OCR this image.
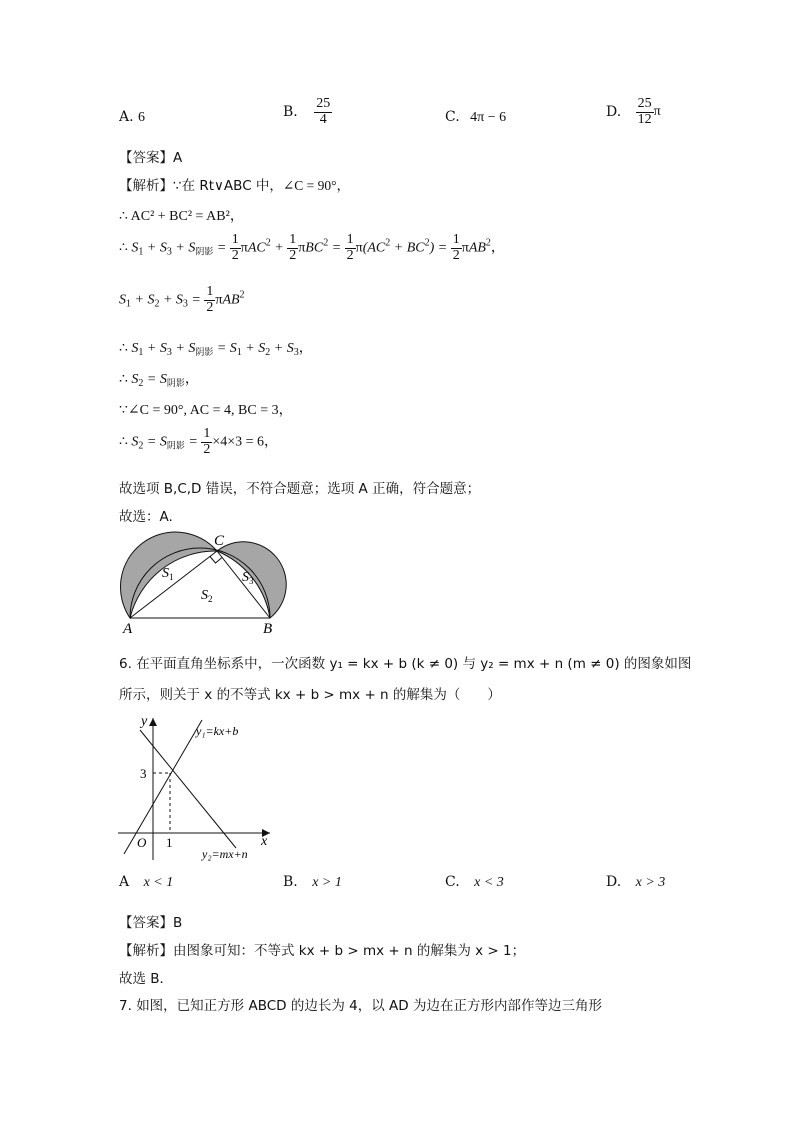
A. 6	B. $\frac{25}{4}$	C. 4π − 6	D. $\frac{25}{12}$ π
【答案】A
【解析】∵在 Rt∨ABC 中，∠C = 90°，
∴ AC² + BC² = AB²，
∴ $S_1 + S_3 + S_{阴影} = \frac{1}{2} \pi AC^2 + \frac{1}{2} \pi BC^2 = \frac{1}{2} \pi(AC^2 + BC^2) = \frac{1}{2} \pi AB^2$，
$S_1 + S_2 + S_3 = \frac{1}{2} \pi AB^2$
∴ $S_1 + S_3 + S_{阴影} = S_1 + S_2 + S_3$，
∴ $S_2 = S_{阴影}$，
∵∠C = 90°, AC = 4, BC = 3，
∴ $S_2 = S_{阴影} = \frac{1}{2} \times 4\times 3 = 6$，
故选项 B,C,D 错误，不符合题意；选项 A 正确，符合题意；
故选：A.
C
A	B
$S_1$
$S_2$
$S_3$
6. 在平面直角坐标系中，一次函数 y₁ = kx + b (k ≠ 0) 与 y₂ = mx + n (m ≠ 0) 的图象如图
所示，则关于 x 的不等式 kx + b > mx + n 的解集为（　　）
y
x
O
3
1
y₁=kx+b
y₂=mx+n
A x < 1	B. x > 1	C. x < 3	D. x > 3
【答案】B
【解析】由图象可知：不等式 kx + b > mx + n 的解集为 x > 1；
故选 B．
7. 如图，已知正方形 ABCD 的边长为 4，以 AD 为边在正方形内部作等边三角形
